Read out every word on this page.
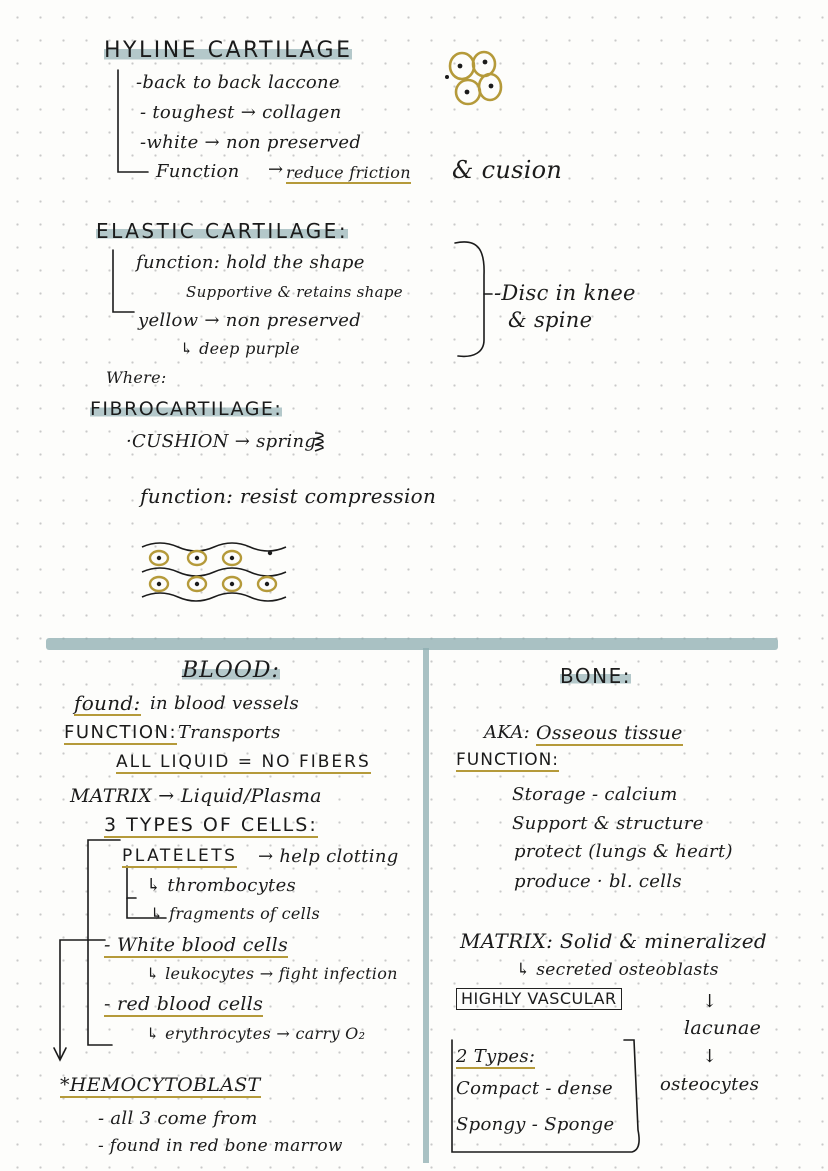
HYLINE CARTILAGE
-back to back laccone
- toughest → collagen
-white → non preserved
Function → reduce friction & cusion
ELASTIC CARTILAGE:
function: hold the shape
Supportive & retains shape
yellow → non preserved
↳ deep purple
-Disc in knee
& spine
Where:
FIBROCARTILAGE:
·CUSHION → spring
function: resist compression
BLOOD:
found: in blood vessels
FUNCTION: Transports
ALL LIQUID = NO FIBERS
MATRIX → Liquid/Plasma
3 TYPES OF CELLS:
PLATELETS → help clotting
↳ thrombocytes
↳ fragments of cells
- White blood cells
↳ leukocytes → fight infection
- red blood cells
↳ erythrocytes → carry O₂
*HEMOCYTOBLAST
- all 3 come from
- found in red bone marrow
BONE:
AKA: Osseous tissue
FUNCTION:
Storage - calcium
Support & structure
protect (lungs & heart)
produce · bl. cells
MATRIX: Solid & mineralized
↳ secreted osteoblasts
HIGHLY VASCULAR	↓
lacunae
↓
osteocytes
2 Types:
Compact - dense
Spongy - Sponge
